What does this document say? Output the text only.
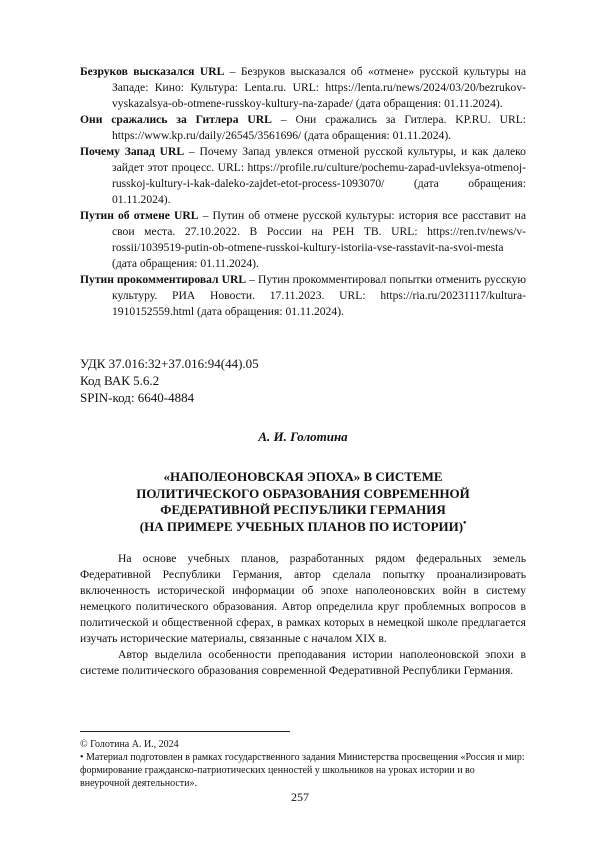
Безруков высказался URL – Безруков высказался об «отмене» русской культуры на Западе: Кино: Культура: Lenta.ru. URL: https://lenta.ru/news/2024/03/20/bezrukov-vyskazalsya-ob-otmene-russkoy-kultury-na-zapade/ (дата обращения: 01.11.2024).

Они сражались за Гитлера URL – Они сражались за Гитлера. KP.RU. URL: https://www.kp.ru/daily/26545/3561696/ (дата обращения: 01.11.2024).

Почему Запад URL – Почему Запад увлекся отменой русской культуры, и как далеко зайдет этот процесс. URL: https://profile.ru/culture/pochemu-zapad-uvleksya-otmenoj-russkoj-kultury-i-kak-daleko-zajdet-etot-process-1093070/ (дата обращения: 01.11.2024).

Путин об отмене URL – Путин об отмене русской культуры: история все расставит на свои места. 27.10.2022. В России на РЕН ТВ. URL: https://ren.tv/news/v-rossii/1039519-putin-ob-otmene-russkoi-kultury-istoriia-vse-rasstavit-na-svoi-mesta (дата обращения: 01.11.2024).

Путин прокомментировал URL – Путин прокомментировал попытки отменить русскую культуру. РИА Новости. 17.11.2023. URL: https://ria.ru/20231117/kultura-1910152559.html (дата обращения: 01.11.2024).

УДК 37.016:32+37.016:94(44).05
Код ВАК 5.6.2
SPIN-код: 6640-4884
А. И. Голотина
«НАПОЛЕОНОВСКАЯ ЭПОХА» В СИСТЕМЕ
ПОЛИТИЧЕСКОГО ОБРАЗОВАНИЯ СОВРЕМЕННОЙ
ФЕДЕРАТИВНОЙ РЕСПУБЛИКИ ГЕРМАНИЯ
(НА ПРИМЕРЕ УЧЕБНЫХ ПЛАНОВ ПО ИСТОРИИ)•

На основе учебных планов, разработанных рядом федеральных земель Федеративной Республики Германия, автор сделала попытку проанализировать включенность исторической информации об эпохе наполеоновских войн в систему немецкого политического образования. Автор определила круг проблемных вопросов в политической и общественной сферах, в рамках которых в немецкой школе предлагается изучать исторические материалы, связанные с началом XIX в.

Автор выделила особенности преподавания истории наполеоновской эпохи в системе политического образования современной Федеративной Республики Германия.

© Голотина А. И., 2024

• Материал подготовлен в рамках государственного задания Министерства просвещения «Россия и мир: формирование гражданско-патриотических ценностей у школьников на уроках истории и во внеурочной деятельности».

257
